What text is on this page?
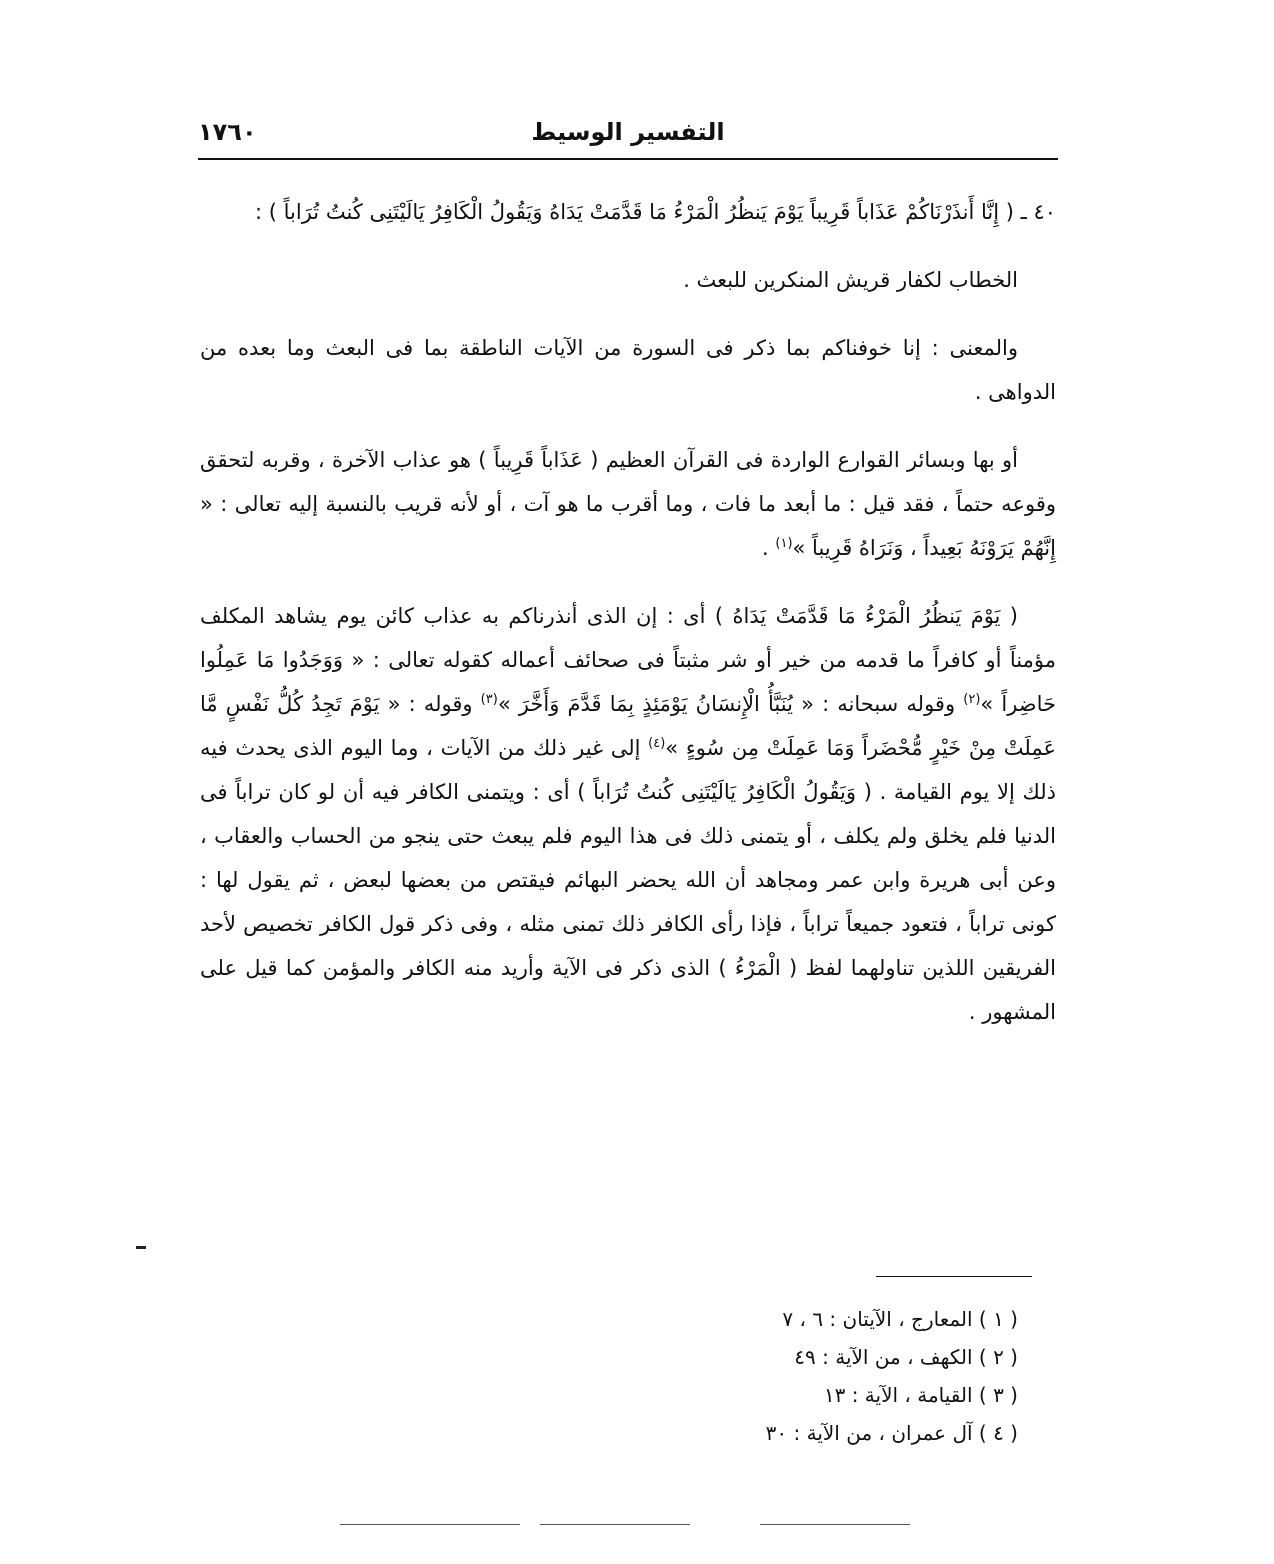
١٧٦٠	التفسير الوسيط

٤٠ ـ ( إِنَّا أَنذَرْنَاكُمْ عَذَاباً قَرِيباً يَوْمَ يَنظُرُ الْمَرْءُ مَا قَدَّمَتْ يَدَاهُ وَيَقُولُ الْكَافِرُ يَالَيْتَنِى كُنتُ تُرَاباً ) :

الخطاب لكفار قريش المنكرين للبعث .

والمعنى : إنا خوفناكم بما ذكر فى السورة من الآيات الناطقة بما فى البعث وما بعده من الدواهى .

أو بها وبسائر القوارع الواردة فى القرآن العظيم ( عَذَاباً قَرِيباً ) هو عذاب الآخرة ، وقربه لتحقق وقوعه حتماً ، فقد قيل : ما أبعد ما فات ، وما أقرب ما هو آت ، أو لأنه قريب بالنسبة إليه تعالى : « إِنَّهُمْ يَرَوْنَهُ بَعِيداً ، وَنَرَاهُ قَرِيباً »$^{(١)}$ .

( يَوْمَ يَنظُرُ الْمَرْءُ مَا قَدَّمَتْ يَدَاهُ ) أى : إن الذى أنذرناكم به عذاب كائن يوم يشاهد المكلف مؤمناً أو كافراً ما قدمه من خير أو شر مثبتاً فى صحائف أعماله كقوله تعالى : « وَوَجَدُوا مَا عَمِلُوا حَاضِراً »$^{(٢)}$ وقوله سبحانه : « يُنَبَّأُ الْإِنسَانُ يَوْمَئِذٍ بِمَا قَدَّمَ وَأَخَّرَ »$^{(٣)}$ وقوله : « يَوْمَ تَجِدُ كُلُّ نَفْسٍ مَّا عَمِلَتْ مِنْ خَيْرٍ مُّحْضَراً وَمَا عَمِلَتْ مِن سُوءٍ »$^{(٤)}$ إلى غير ذلك من الآيات ، وما اليوم الذى يحدث فيه ذلك إلا يوم القيامة . ( وَيَقُولُ الْكَافِرُ يَالَيْتَنِى كُنتُ تُرَاباً ) أى : ويتمنى الكافر فيه أن لو كان تراباً فى الدنيا فلم يخلق ولم يكلف ، أو يتمنى ذلك فى هذا اليوم فلم يبعث حتى ينجو من الحساب والعقاب ، وعن أبى هريرة وابن عمر ومجاهد أن الله يحضر البهائم فيقتص من بعضها لبعض ، ثم يقول لها : كونى تراباً ، فتعود جميعاً تراباً ، فإذا رأى الكافر ذلك تمنى مثله ، وفى ذكر قول الكافر تخصيص لأحد الفريقين اللذين تناولهما لفظ ( الْمَرْءُ ) الذى ذكر فى الآية وأريد منه الكافر والمؤمن كما قيل على المشهور .

( ١ ) المعارج ، الآيتان : ٦ ، ٧
( ٢ ) الكهف ، من الآية : ٤٩
( ٣ ) القيامة ، الآية : ١٣
( ٤ ) آل عمران ، من الآية : ٣٠
